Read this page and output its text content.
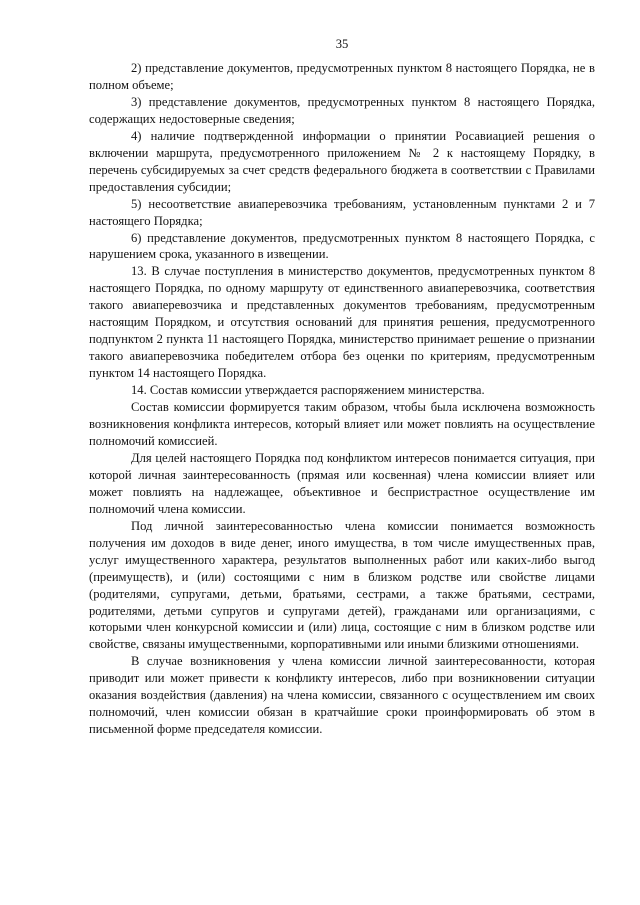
35

2) представление документов, предусмотренных пунктом 8 настоящего Порядка, не в полном объеме;

3) представление документов, предусмотренных пунктом 8 настоящего Порядка, содержащих недостоверные сведения;

4) наличие подтвержденной информации о принятии Росавиацией решения о включении маршрута, предусмотренного приложением № 2 к настоящему Порядку, в перечень субсидируемых за счет средств федерального бюджета в соответствии с Правилами предоставления субсидии;

5) несоответствие авиаперевозчика требованиям, установленным пунктами 2 и 7 настоящего Порядка;

6) представление документов, предусмотренных пунктом 8 настоящего Порядка, с нарушением срока, указанного в извещении.

13. В случае поступления в министерство документов, предусмотренных пунктом 8 настоящего Порядка, по одному маршруту от единственного авиаперевозчика, соответствия такого авиаперевозчика и представленных документов требованиям, предусмотренным настоящим Порядком, и отсутствия оснований для принятия решения, предусмотренного подпунктом 2 пункта 11 настоящего Порядка, министерство принимает решение о признании такого авиаперевозчика победителем отбора без оценки по критериям, предусмотренным пунктом 14 настоящего Порядка.

14. Состав комиссии утверждается распоряжением министерства.

Состав комиссии формируется таким образом, чтобы была исключена возможность возникновения конфликта интересов, который влияет или может повлиять на осуществление полномочий комиссией.

Для целей настоящего Порядка под конфликтом интересов понимается ситуация, при которой личная заинтересованность (прямая или косвенная) члена комиссии влияет или может повлиять на надлежащее, объективное и беспристрастное осуществление им полномочий члена комиссии.

Под личной заинтересованностью члена комиссии понимается возможность получения им доходов в виде денег, иного имущества, в том числе имущественных прав, услуг имущественного характера, результатов выполненных работ или каких-либо выгод (преимуществ), и (или) состоящими с ним в близком родстве или свойстве лицами (родителями, супругами, детьми, братьями, сестрами, а также братьями, сестрами, родителями, детьми супругов и супругами детей), гражданами или организациями, с которыми член конкурсной комиссии и (или) лица, состоящие с ним в близком родстве или свойстве, связаны имущественными, корпоративными или иными близкими отношениями.

В случае возникновения у члена комиссии личной заинтересованности, которая приводит или может привести к конфликту интересов, либо при возникновении ситуации оказания воздействия (давления) на члена комиссии, связанного с осуществлением им своих полномочий, член комиссии обязан в кратчайшие сроки проинформировать об этом в письменной форме председателя комиссии.
